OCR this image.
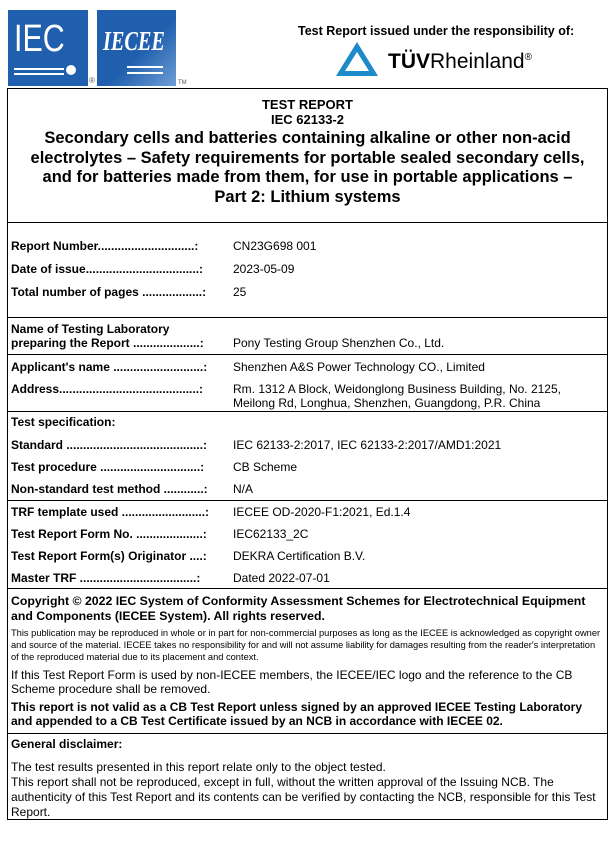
IEC
®
IECEE
TM
Test Report issued under the responsibility of:
TÜVRheinland®
TEST REPORT
IEC 62133-2
Secondary cells and batteries containing alkaline or other non-acid
electrolytes – Safety requirements for portable sealed secondary cells,
and for batteries made from them, for use in portable applications –
Part 2: Lithium systems
Report Number.............................:	CN23G698 001
Date of issue..................................: 2023-05-09
Total number of pages ..................: 25
Name of Testing Laboratory
preparing the Report ....................: Pony Testing Group Shenzhen Co., Ltd.
Applicant's name ...........................: Shenzhen A&S Power Technology CO., Limited
Address..........................................: Rm. 1312 A Block, Weidonglong Business Building, No. 2125,
Meilong Rd, Longhua, Shenzhen, Guangdong, P.R. China
Test specification:
Standard .........................................: IEC 62133-2:2017, IEC 62133-2:2017/AMD1:2021
Test procedure ..............................: CB Scheme
Non-standard test method ............: N/A
TRF template used .........................: IECEE OD-2020-F1:2021, Ed.1.4
Test Report Form No. ....................: IEC62133_2C
Test Report Form(s) Originator ....: DEKRA Certification B.V.
Master TRF ...................................:	Dated 2022-07-01
Copyright © 2022 IEC System of Conformity Assessment Schemes for Electrotechnical Equipment and Components (IECEE System). All rights reserved.
This publication may be reproduced in whole or in part for non-commercial purposes as long as the IECEE is acknowledged as copyright owner and source of the material. IECEE takes no responsibility for and will not assume liability for damages resulting from the reader's interpretation of the reproduced material due to its placement and context.
If this Test Report Form is used by non-IECEE members, the IECEE/IEC logo and the reference to the CB Scheme procedure shall be removed.
This report is not valid as a CB Test Report unless signed by an approved IECEE Testing Laboratory and appended to a CB Test Certificate issued by an NCB in accordance with IECEE 02.
General disclaimer:
The test results presented in this report relate only to the object tested.
This report shall not be reproduced, except in full, without the written approval of the Issuing NCB. The authenticity of this Test Report and its contents can be verified by contacting the NCB, responsible for this Test Report.
